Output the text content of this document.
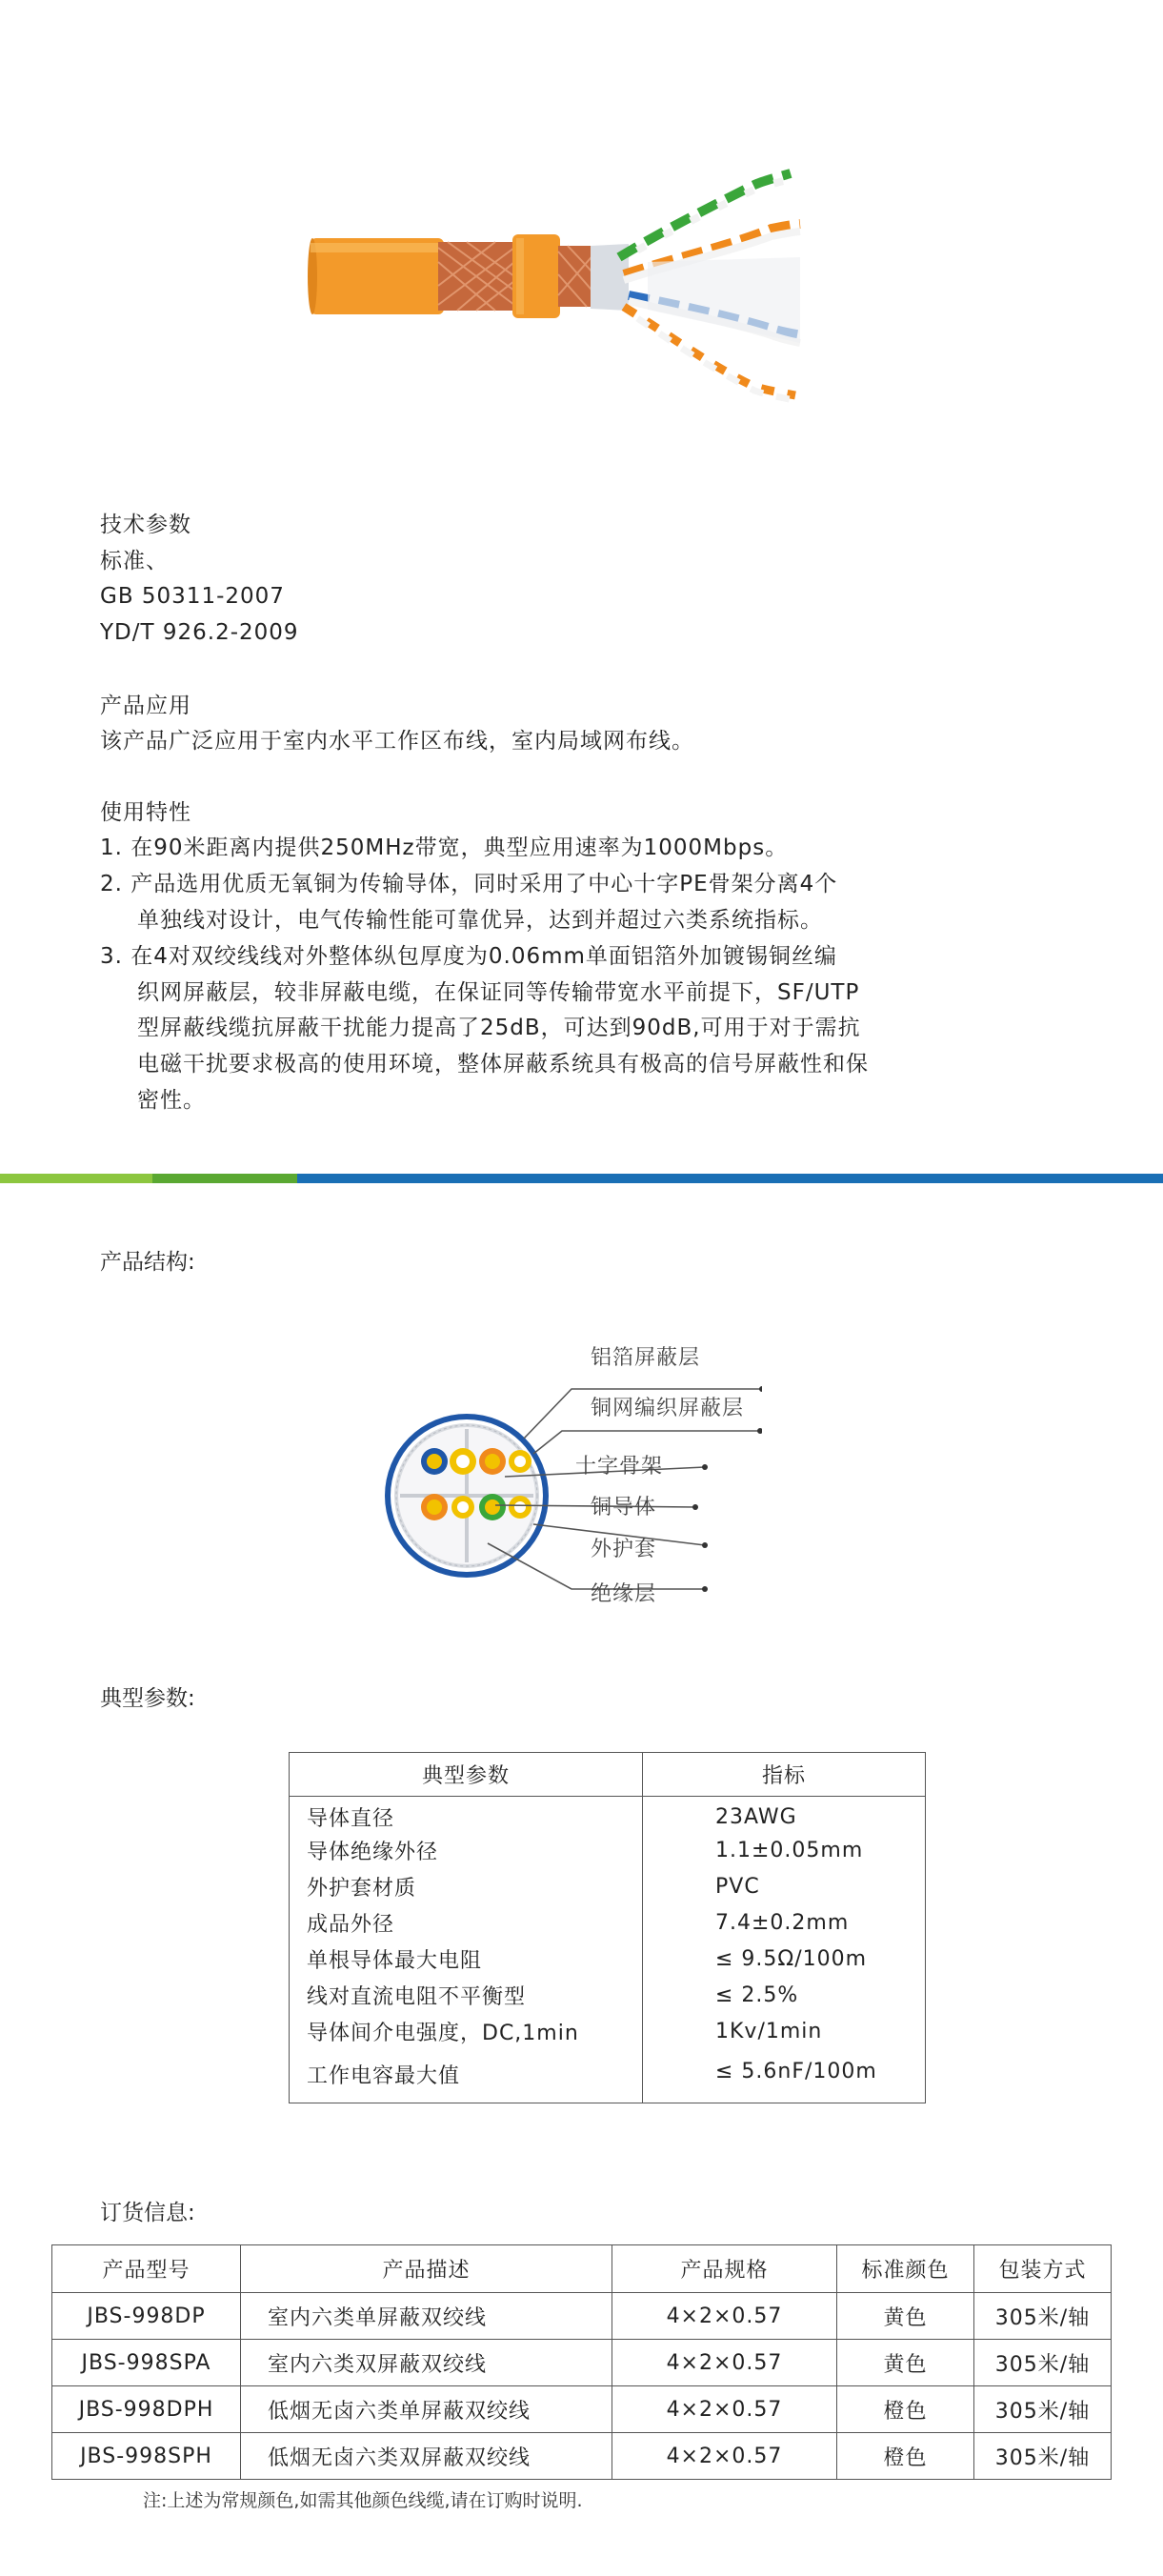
技术参数
标准、
GB 50311-2007
YD/T 926.2-2009
产品应用
该产品广泛应用于室内水平工作区布线，室内局域网布线。
使用特性
1. 在90米距离内提供250MHz带宽，典型应用速率为1000Mbps。
2. 产品选用优质无氧铜为传输导体，同时采用了中心十字PE骨架分离4个
单独线对设计，电气传输性能可靠优异，达到并超过六类系统指标。
3. 在4对双绞线线对外整体纵包厚度为0.06mm单面铝箔外加镀锡铜丝编
织网屏蔽层，较非屏蔽电缆，在保证同等传输带宽水平前提下，SF/UTP
型屏蔽线缆抗屏蔽干扰能力提高了25dB，可达到90dB,可用于对于需抗
电磁干扰要求极高的使用环境，整体屏蔽系统具有极高的信号屏蔽性和保
密性。
产品结构:
铝箔屏蔽层
铜网编织屏蔽层
十字骨架
铜导体
外护套
绝缘层
典型参数:
典型参数	指标
导体直径	23AWG
导体绝缘外径	1.1±0.05mm
外护套材质	PVC
成品外径	7.4±0.2mm
单根导体最大电阻	≤ 9.5Ω/100m
线对直流电阻不平衡型	≤ 2.5%
导体间介电强度，DC,1min	1Kv/1min
工作电容最大值	≤ 5.6nF/100m
订货信息:
产品型号	产品描述	产品规格	标准颜色	包装方式
JBS-998DP	室内六类单屏蔽双绞线	4×2×0.57	黄色	305米/轴
JBS-998SPA	室内六类双屏蔽双绞线	4×2×0.57	黄色	305米/轴
JBS-998DPH	低烟无卤六类单屏蔽双绞线	4×2×0.57	橙色	305米/轴
JBS-998SPH	低烟无卤六类双屏蔽双绞线	4×2×0.57	橙色	305米/轴
注:上述为常规颜色,如需其他颜色线缆,请在订购时说明.
